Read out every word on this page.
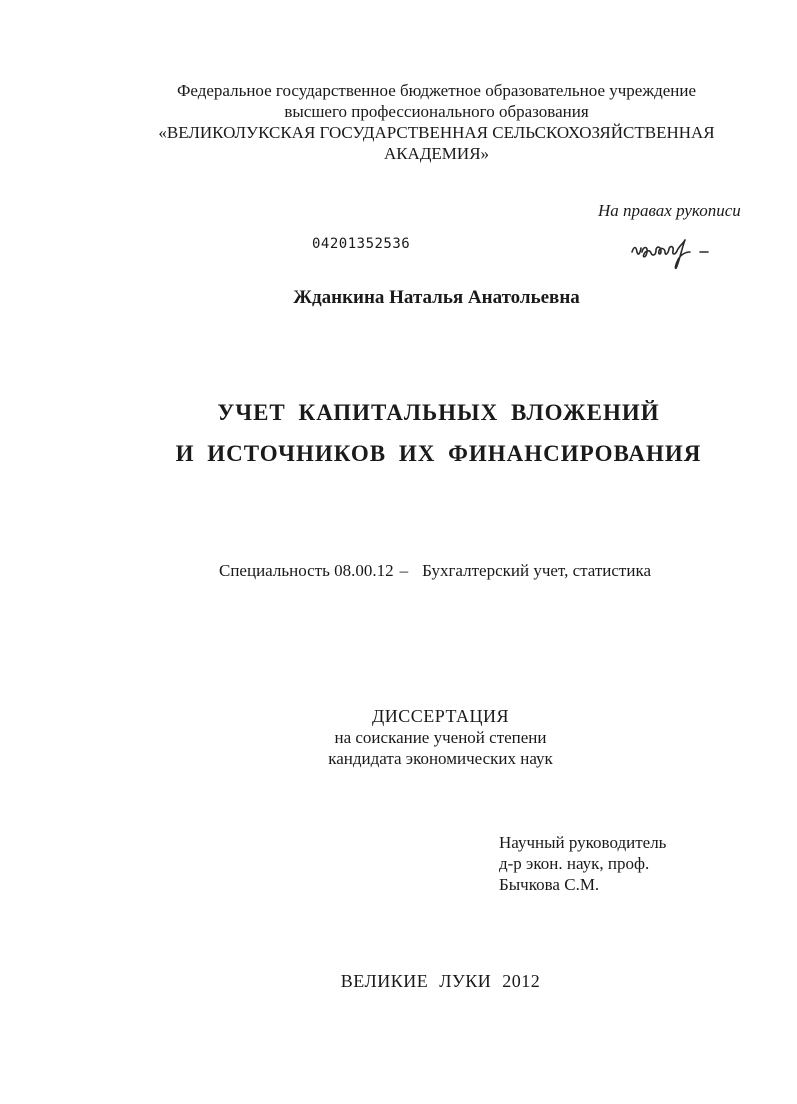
Федеральное государственное бюджетное образовательное учреждение
высшего профессионального образования
«ВЕЛИКОЛУКСКАЯ ГОСУДАРСТВЕННАЯ СЕЛЬСКОХОЗЯЙСТВЕННАЯ
АКАДЕМИЯ»
На правах рукописи
04201352536
Жданкина Наталья Анатольевна
УЧЕТ КАПИТАЛЬНЫХ ВЛОЖЕНИЙ
И ИСТОЧНИКОВ ИХ ФИНАНСИРОВАНИЯ
Специальность 08.00.12 – Бухгалтерский учет, статистика
ДИССЕРТАЦИЯ
на соискание ученой степени
кандидата экономических наук
Научный руководитель
д-р экон. наук, проф.
Бычкова С.М.
ВЕЛИКИЕ ЛУКИ 2012
